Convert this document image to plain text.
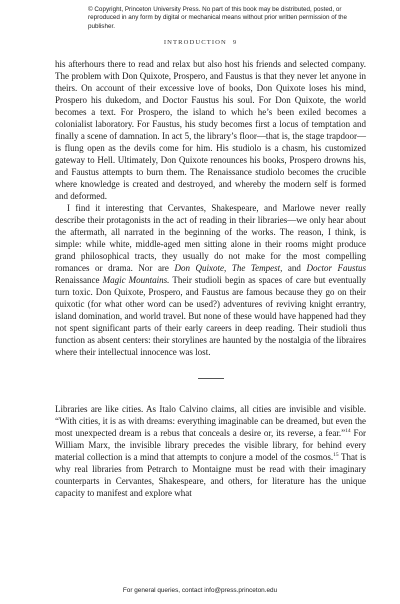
© Copyright, Princeton University Press. No part of this book may be distributed, posted, or reproduced in any form by digital or mechanical means without prior written permission of the publisher.
INTRODUCTION 9

his afterhours there to read and relax but also host his friends and selected company. The problem with Don Quixote, Prospero, and Faustus is that they never let anyone in theirs. On account of their excessive love of books, Don Quixote loses his mind, Prospero his dukedom, and Doctor Faustus his soul. For Don Quixote, the world becomes a text. For Prospero, the island to which he’s been exiled becomes a colonialist laboratory. For Faustus, his study becomes first a locus of temptation and finally a scene of damnation. In act 5, the library’s floor—that is, the stage trapdoor—is flung open as the devils come for him. His studiolo is a chasm, his customized gateway to Hell. Ultimately, Don Quixote renounces his books, Prospero drowns his, and Faustus attempts to burn them. The Renaissance studiolo becomes the crucible where knowledge is created and destroyed, and whereby the modern self is formed and deformed.

I find it interesting that Cervantes, Shakespeare, and Marlowe never really describe their protagonists in the act of reading in their libraries—we only hear about the aftermath, all narrated in the beginning of the works. The reason, I think, is simple: while white, middle-aged men sitting alone in their rooms might produce grand philosophical tracts, they usually do not make for the most compelling romances or drama. Nor are Don Quixote, The Tempest, and Doctor Faustus Renaissance Magic Mountains. Their studioli begin as spaces of care but eventually turn toxic. Don Quixote, Prospero, and Faustus are famous because they go on their quixotic (for what other word can be used?) adventures of reviving knight errantry, island domination, and world travel. But none of these would have happened had they not spent significant parts of their early careers in deep reading. Their studioli thus function as absent centers: their storylines are haunted by the nostalgia of the libraires where their intellectual innocence was lost.

Libraries are like cities. As Italo Calvino claims, all cities are invisible and visible. “With cities, it is as with dreams: everything imaginable can be dreamed, but even the most unexpected dream is a rebus that conceals a desire or, its reverse, a fear.”$^{14}$ For William Marx, the invisible library precedes the visible library, for behind every material collection is a mind that attempts to conjure a model of the cosmos.$^{15}$ That is why real libraries from Petrarch to Montaigne must be read with their imaginary counterparts in Cervantes, Shakespeare, and others, for literature has the unique capacity to manifest and explore what

For general queries, contact info@press.princeton.edu
